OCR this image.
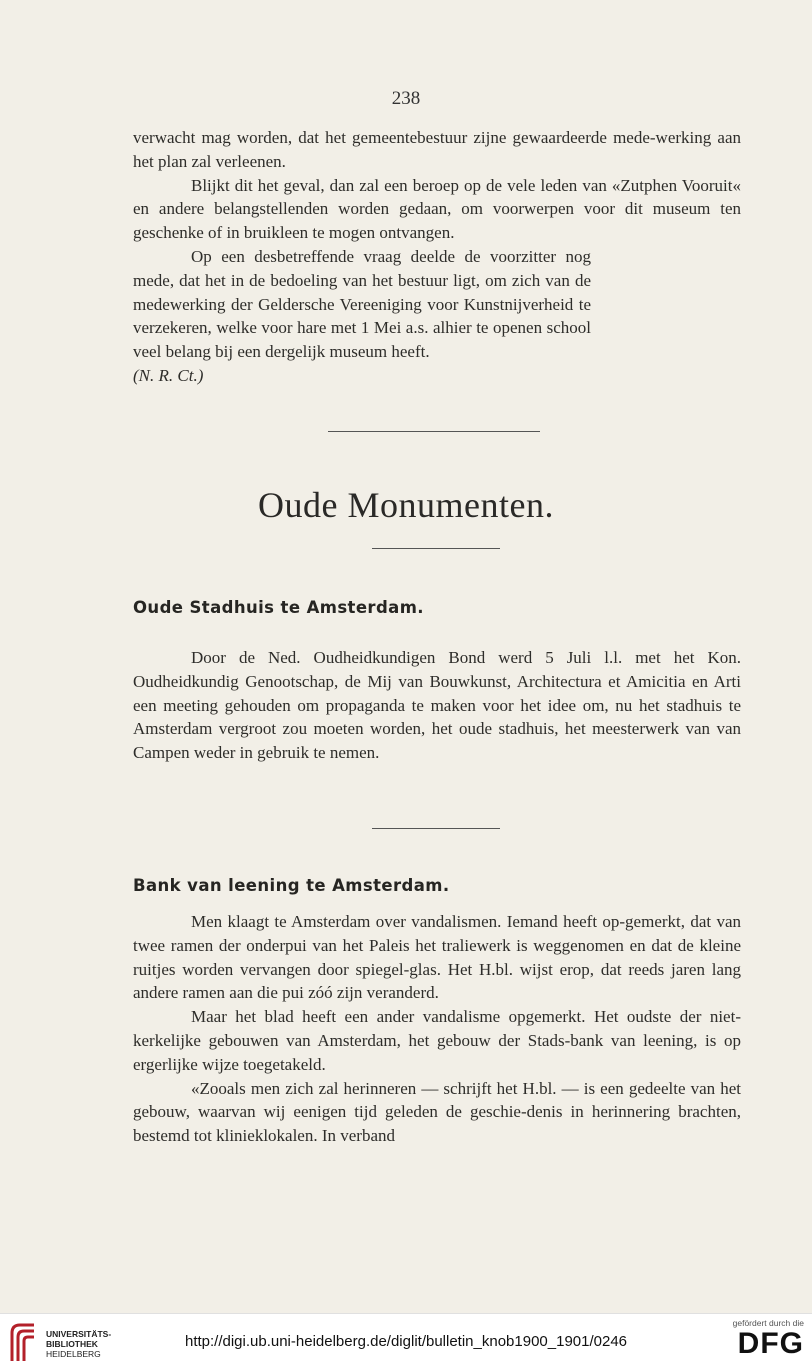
238

verwacht mag worden, dat het gemeentebestuur zijne gewaardeerde mede-werking aan het plan zal verleenen.

Blijkt dit het geval, dan zal een beroep op de vele leden van «Zutphen Vooruit« en andere belangstellenden worden gedaan, om voorwerpen voor dit museum ten geschenke of in bruikleen te mogen ontvangen.

Op een desbetreffende vraag deelde de voorzitter nog mede, dat het in de bedoeling van het bestuur ligt, om zich van de medewerking der Geldersche Vereeniging voor Kunstnijverheid te verzekeren, welke voor hare met 1 Mei a.s. alhier te openen school veel belang bij een dergelijk museum heeft.

(N. R. Ct.)

Oude Monumenten.
Oude Stadhuis te Amsterdam.

Door de Ned. Oudheidkundigen Bond werd 5 Juli l.l. met het Kon. Oudheidkundig Genootschap, de Mij van Bouwkunst, Architectura et Amicitia en Arti een meeting gehouden om propaganda te maken voor het idee om, nu het stadhuis te Amsterdam vergroot zou moeten worden, het oude stadhuis, het meesterwerk van van Campen weder in gebruik te nemen.

Bank van leening te Amsterdam.

Men klaagt te Amsterdam over vandalismen. Iemand heeft op-gemerkt, dat van twee ramen der onderpui van het Paleis het traliewerk is weggenomen en dat de kleine ruitjes worden vervangen door spiegel-glas. Het H.bl. wijst erop, dat reeds jaren lang andere ramen aan die pui zóó zijn veranderd.

Maar het blad heeft een ander vandalisme opgemerkt. Het oudste der niet-kerkelijke gebouwen van Amsterdam, het gebouw der Stads-bank van leening, is op ergerlijke wijze toegetakeld.

«Zooals men zich zal herinneren — schrijft het H.bl. — is een gedeelte van het gebouw, waarvan wij eenigen tijd geleden de geschie-denis in herinnering brachten, bestemd tot klinieklokalen. In verband

UNIVERSITÄTS-
BIBLIOTHEK
HEIDELBERG
http://digi.ub.uni-heidelberg.de/diglit/bulletin_knob1900_1901/0246
gefördert durch die
DFG
